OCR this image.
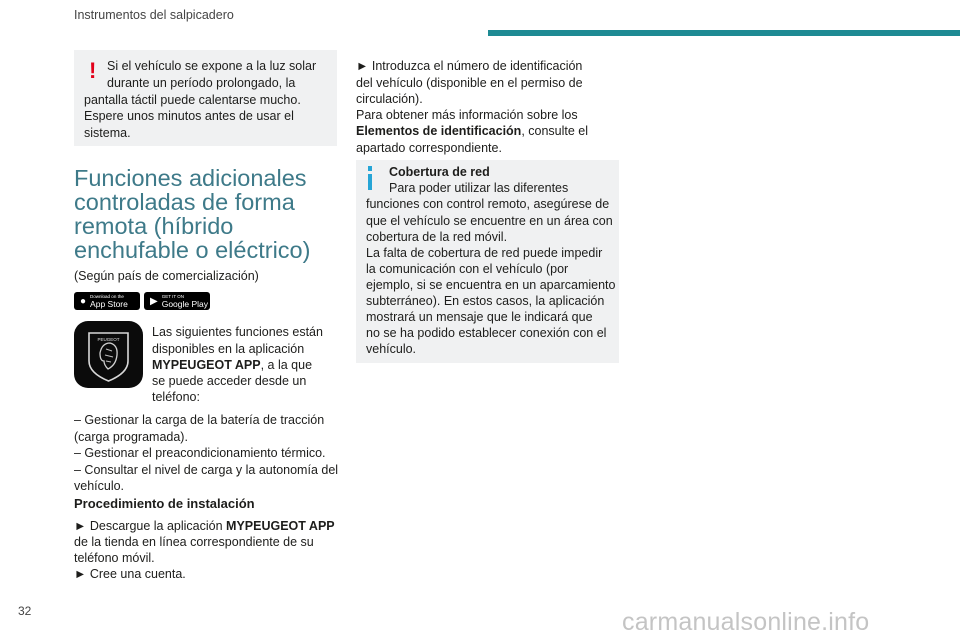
Instrumentos del salpicadero
! Si el vehículo se expone a la luz solar
durante un período prolongado, la
pantalla táctil puede calentarse mucho.
Espere unos minutos antes de usar el
sistema.
Funciones adicionales
controladas de forma
remota (híbrido
enchufable o eléctrico)
(Según país de comercialización)
● Download on the
App Store ▶ GET IT ON
Google Play
PEUGEOT
Las siguientes funciones están
disponibles en la aplicación
MYPEUGEOT APP, a la que
se puede acceder desde un
teléfono:
– Gestionar la carga de la batería de tracción
(carga programada).
– Gestionar el preacondicionamiento térmico.
– Consultar el nivel de carga y la autonomía del
vehículo.
Procedimiento de instalación
► Descargue la aplicación MYPEUGEOT APP
de la tienda en línea correspondiente de su
teléfono móvil.
► Cree una cuenta.
► Introduzca el número de identificación
del vehículo (disponible en el permiso de
circulación).
Para obtener más información sobre los
Elementos de identificación, consulte el
apartado correspondiente.
Cobertura de red
Para poder utilizar las diferentes
funciones con control remoto, asegúrese de
que el vehículo se encuentre en un área con
cobertura de la red móvil.
La falta de cobertura de red puede impedir
la comunicación con el vehículo (por
ejemplo, si se encuentra en un aparcamiento
subterráneo). En estos casos, la aplicación
mostrará un mensaje que le indicará que
no se ha podido establecer conexión con el
vehículo.
32	carmanualsonline.info
